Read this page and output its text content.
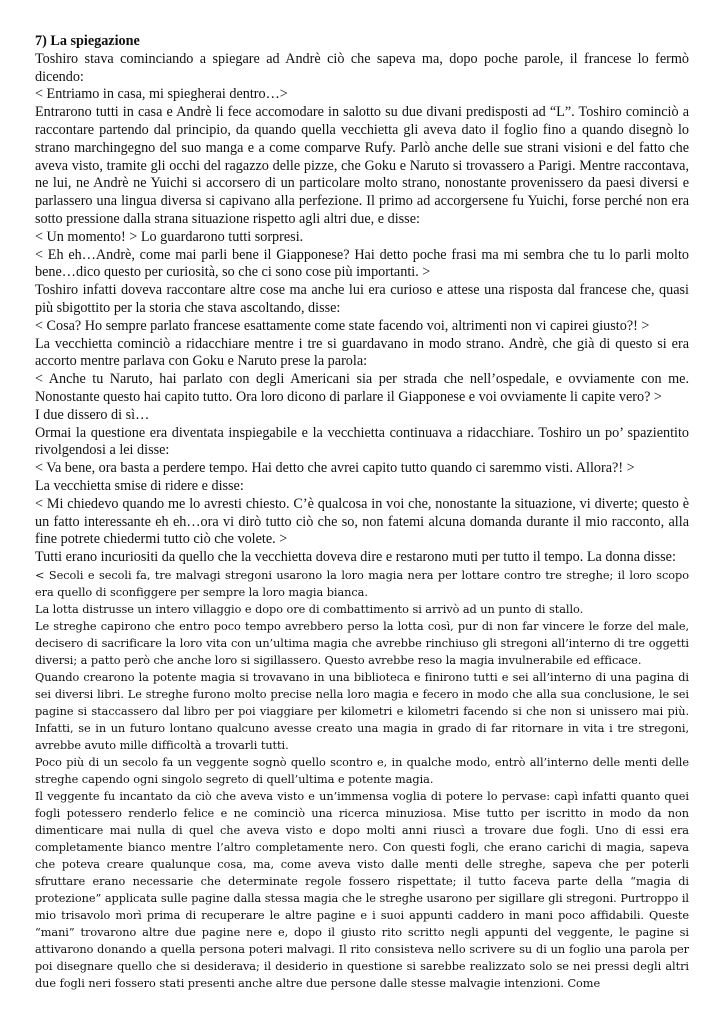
7) La spiegazione

Toshiro stava cominciando a spiegare ad Andrè ciò che sapeva ma, dopo poche parole, il francese lo fermò dicendo:

< Entriamo in casa, mi spiegherai dentro…>

Entrarono tutti in casa e Andrè li fece accomodare in salotto su due divani predisposti ad “L”. Toshiro cominciò a raccontare partendo dal principio, da quando quella vecchietta gli aveva dato il foglio fino a quando disegnò lo strano marchingegno del suo manga e a come comparve Rufy. Parlò anche delle sue strani visioni e del fatto che aveva visto, tramite gli occhi del ragazzo delle pizze, che Goku e Naruto si trovassero a Parigi. Mentre raccontava, ne lui, ne Andrè ne Yuichi si accorsero di un particolare molto strano, nonostante provenissero da paesi diversi e parlassero una lingua diversa si capivano alla perfezione. Il primo ad accorgersene fu Yuichi, forse perché non era sotto pressione dalla strana situazione rispetto agli altri due, e disse:

< Un momento! > Lo guardarono tutti sorpresi.

< Eh eh…Andrè, come mai parli bene il Giapponese? Hai detto poche frasi ma mi sembra che tu lo parli molto bene…dico questo per curiosità, so che ci sono cose più importanti. >

Toshiro infatti doveva raccontare altre cose ma anche lui era curioso e attese una risposta dal francese che, quasi più sbigottito per la storia che stava ascoltando, disse:

< Cosa? Ho sempre parlato francese esattamente come state facendo voi, altrimenti non vi capirei giusto?! >

La vecchietta cominciò a ridacchiare mentre i tre si guardavano in modo strano. Andrè, che già di questo si era accorto mentre parlava con Goku e Naruto prese la parola:

< Anche tu Naruto, hai parlato con degli Americani sia per strada che nell’ospedale, e ovviamente con me. Nonostante questo hai capito tutto. Ora loro dicono di parlare il Giapponese e voi ovviamente li capite vero? >

I due dissero di sì…

Ormai la questione era diventata inspiegabile e la vecchietta continuava a ridacchiare. Toshiro un po’ spazientito rivolgendosi a lei disse:

< Va bene, ora basta a perdere tempo. Hai detto che avrei capito tutto quando ci saremmo visti. Allora?! >

La vecchietta smise di ridere e disse:

< Mi chiedevo quando me lo avresti chiesto. C’è qualcosa in voi che, nonostante la situazione, vi diverte; questo è un fatto interessante eh eh…ora vi dirò tutto ciò che so, non fatemi alcuna domanda durante il mio racconto, alla fine potrete chiedermi tutto ciò che volete. >

Tutti erano incuriositi da quello che la vecchietta doveva dire e restarono muti per tutto il tempo. La donna disse:

< Secoli e secoli fa, tre malvagi stregoni usarono la loro magia nera per lottare contro tre streghe; il loro scopo era quello di sconfiggere per sempre la loro magia bianca.

La lotta distrusse un intero villaggio e dopo ore di combattimento si arrivò ad un punto di stallo.

Le streghe capirono che entro poco tempo avrebbero perso la lotta così, pur di non far vincere le forze del male, decisero di sacrificare la loro vita con un’ultima magia che avrebbe rinchiuso gli stregoni all’interno di tre oggetti diversi; a patto però che anche loro si sigillassero. Questo avrebbe reso la magia invulnerabile ed efficace.

Quando crearono la potente magia si trovavano in una biblioteca e finirono tutti e sei all’interno di una pagina di sei diversi libri. Le streghe furono molto precise nella loro magia e fecero in modo che alla sua conclusione, le sei pagine si staccassero dal libro per poi viaggiare per kilometri e kilometri facendo si che non si unissero mai più. Infatti, se in un futuro lontano qualcuno avesse creato una magia in grado di far ritornare in vita i tre stregoni, avrebbe avuto mille difficoltà a trovarli tutti.

Poco più di un secolo fa un veggente sognò quello scontro e, in qualche modo, entrò all’interno delle menti delle streghe capendo ogni singolo segreto di quell’ultima e potente magia.

Il veggente fu incantato da ciò che aveva visto e un’immensa voglia di potere lo pervase: capì infatti quanto quei fogli potessero renderlo felice e ne cominciò una ricerca minuziosa. Mise tutto per iscritto in modo da non dimenticare mai nulla di quel che aveva visto e dopo molti anni riuscì a trovare due fogli. Uno di essi era completamente bianco mentre l’altro completamente nero. Con questi fogli, che erano carichi di magia, sapeva che poteva creare qualunque cosa, ma, come aveva visto dalle menti delle streghe, sapeva che per poterli sfruttare erano necessarie che determinate regole fossero rispettate; il tutto faceva parte della “magia di protezione” applicata sulle pagine dalla stessa magia che le streghe usarono per sigillare gli stregoni. Purtroppo il mio trisavolo morì prima di recuperare le altre pagine e i suoi appunti caddero in mani poco affidabili. Queste “mani” trovarono altre due pagine nere e, dopo il giusto rito scritto negli appunti del veggente, le pagine si attivarono donando a quella persona poteri malvagi. Il rito consisteva nello scrivere su di un foglio una parola per poi disegnare quello che si desiderava; il desiderio in questione si sarebbe realizzato solo se nei pressi degli altri due fogli neri fossero stati presenti anche altre due persone dalle stesse malvagie intenzioni. Come
